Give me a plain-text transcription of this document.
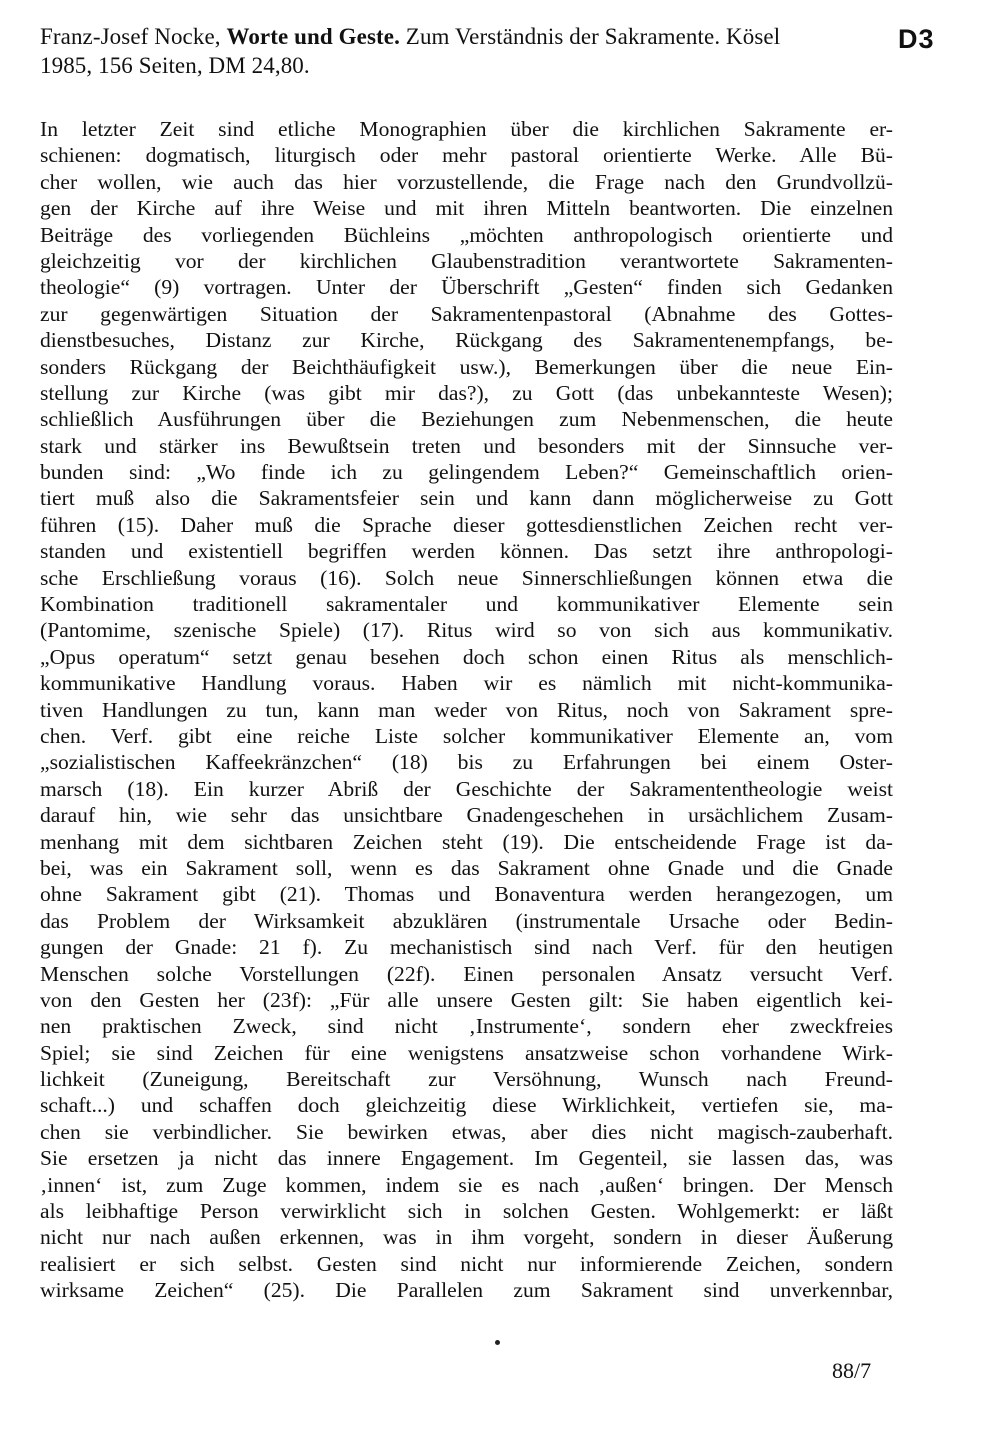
Franz-Josef Nocke, Worte und Geste. Zum Verständnis der Sakramente. Kösel
1985, 156 Seiten, DM 24,80.
D3
In letzter Zeit sind etliche Monographien über die kirchlichen Sakramente er-
schienen: dogmatisch, liturgisch oder mehr pastoral orientierte Werke. Alle Bü-
cher wollen, wie auch das hier vorzustellende, die Frage nach den Grundvollzü-
gen der Kirche auf ihre Weise und mit ihren Mitteln beantworten. Die einzelnen
Beiträge des vorliegenden Büchleins „möchten anthropologisch orientierte und
gleichzeitig vor der kirchlichen Glaubenstradition verantwortete Sakramenten-
theologie“ (9) vortragen. Unter der Überschrift „Gesten“ finden sich Gedanken
zur gegenwärtigen Situation der Sakramentenpastoral (Abnahme des Gottes-
dienstbesuches, Distanz zur Kirche, Rückgang des Sakramentenempfangs, be-
sonders Rückgang der Beichthäufigkeit usw.), Bemerkungen über die neue Ein-
stellung zur Kirche (was gibt mir das?), zu Gott (das unbekannteste Wesen);
schließlich Ausführungen über die Beziehungen zum Nebenmenschen, die heute
stark und stärker ins Bewußtsein treten und besonders mit der Sinnsuche ver-
bunden sind: „Wo finde ich zu gelingendem Leben?“ Gemeinschaftlich orien-
tiert muß also die Sakramentsfeier sein und kann dann möglicherweise zu Gott
führen (15). Daher muß die Sprache dieser gottesdienstlichen Zeichen recht ver-
standen und existentiell begriffen werden können. Das setzt ihre anthropologi-
sche Erschließung voraus (16). Solch neue Sinnerschließungen können etwa die
Kombination traditionell sakramentaler und kommunikativer Elemente sein
(Pantomime, szenische Spiele) (17). Ritus wird so von sich aus kommunikativ.
„Opus operatum“ setzt genau besehen doch schon einen Ritus als menschlich-
kommunikative Handlung voraus. Haben wir es nämlich mit nicht-kommunika-
tiven Handlungen zu tun, kann man weder von Ritus, noch von Sakrament spre-
chen. Verf. gibt eine reiche Liste solcher kommunikativer Elemente an, vom
„sozialistischen Kaffeekränzchen“ (18) bis zu Erfahrungen bei einem Oster-
marsch (18). Ein kurzer Abriß der Geschichte der Sakramententheologie weist
darauf hin, wie sehr das unsichtbare Gnadengeschehen in ursächlichem Zusam-
menhang mit dem sichtbaren Zeichen steht (19). Die entscheidende Frage ist da-
bei, was ein Sakrament soll, wenn es das Sakrament ohne Gnade und die Gnade
ohne Sakrament gibt (21). Thomas und Bonaventura werden herangezogen, um
das Problem der Wirksamkeit abzuklären (instrumentale Ursache oder Bedin-
gungen der Gnade: 21 f). Zu mechanistisch sind nach Verf. für den heutigen
Menschen solche Vorstellungen (22f). Einen personalen Ansatz versucht Verf.
von den Gesten her (23f): „Für alle unsere Gesten gilt: Sie haben eigentlich kei-
nen praktischen Zweck, sind nicht ‚Instrumente‘, sondern eher zweckfreies
Spiel; sie sind Zeichen für eine wenigstens ansatzweise schon vorhandene Wirk-
lichkeit (Zuneigung, Bereitschaft zur Versöhnung, Wunsch nach Freund-
schaft...) und schaffen doch gleichzeitig diese Wirklichkeit, vertiefen sie, ma-
chen sie verbindlicher. Sie bewirken etwas, aber dies nicht magisch-zauberhaft.
Sie ersetzen ja nicht das innere Engagement. Im Gegenteil, sie lassen das, was
‚innen‘ ist, zum Zuge kommen, indem sie es nach ‚außen‘ bringen. Der Mensch
als leibhaftige Person verwirklicht sich in solchen Gesten. Wohlgemerkt: er läßt
nicht nur nach außen erkennen, was in ihm vorgeht, sondern in dieser Äußerung
realisiert er sich selbst. Gesten sind nicht nur informierende Zeichen, sondern
wirksame Zeichen“ (25). Die Parallelen zum Sakrament sind unverkennbar,
88/7
